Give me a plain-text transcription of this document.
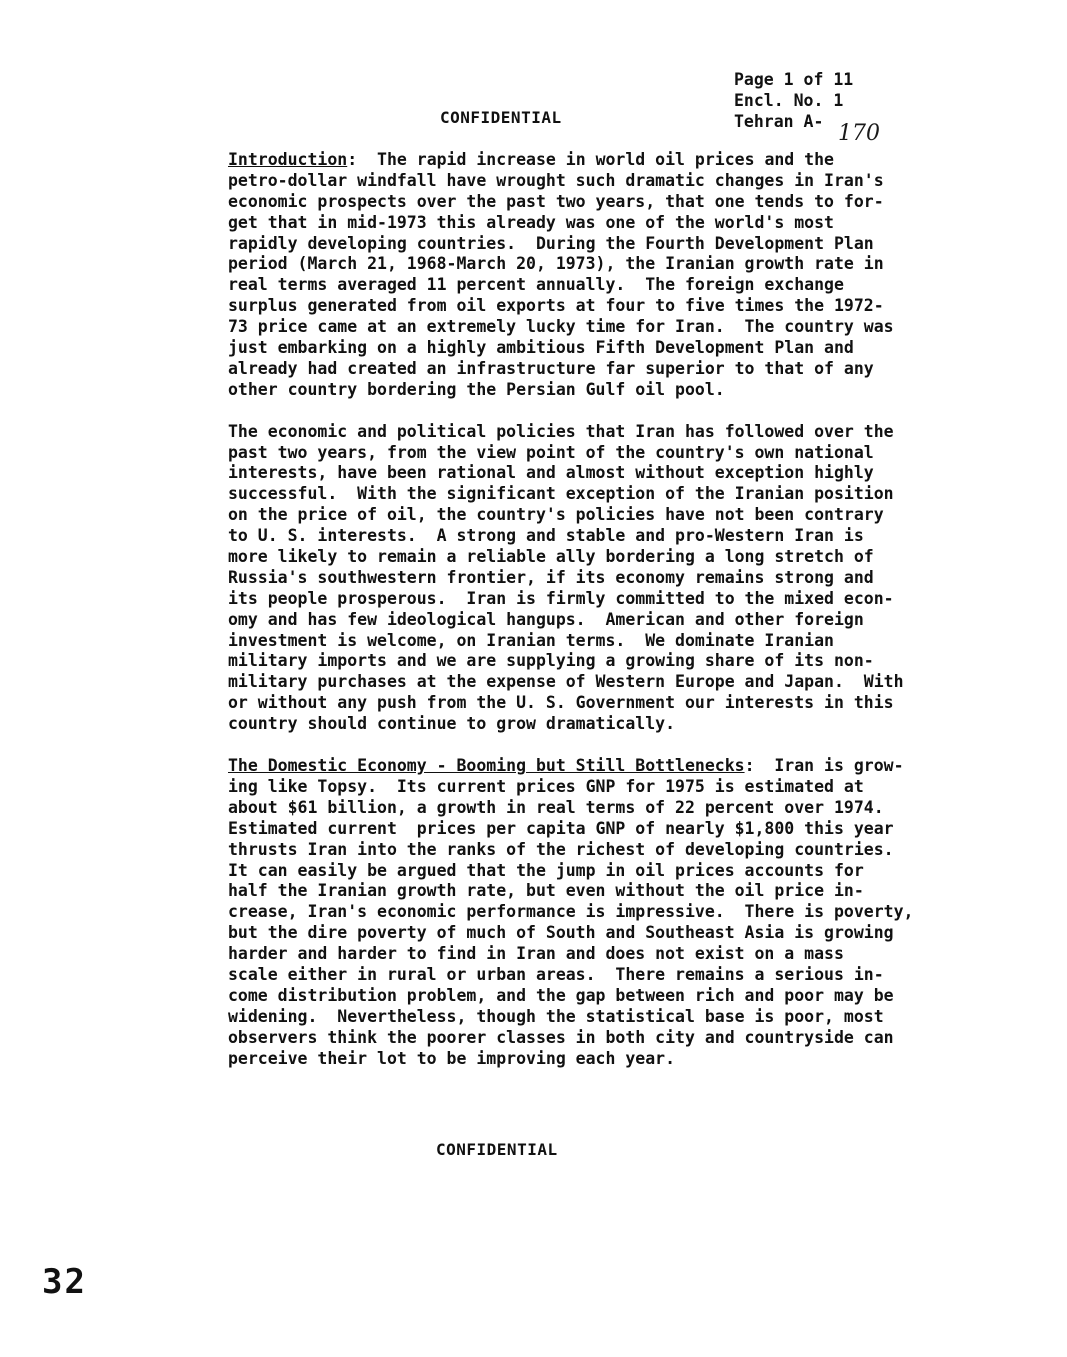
Page 1 of 11
Encl. No. 1
Tehran A- 170
CONFIDENTIAL
Introduction:  The rapid increase in world oil prices and the
petro-dollar windfall have wrought such dramatic changes in Iran's
economic prospects over the past two years, that one tends to for-
get that in mid-1973 this already was one of the world's most
rapidly developing countries.  During the Fourth Development Plan
period (March 21, 1968-March 20, 1973), the Iranian growth rate in
real terms averaged 11 percent annually.  The foreign exchange
surplus generated from oil exports at four to five times the 1972-
73 price came at an extremely lucky time for Iran.  The country was
just embarking on a highly ambitious Fifth Development Plan and
already had created an infrastructure far superior to that of any
other country bordering the Persian Gulf oil pool.
The economic and political policies that Iran has followed over the
past two years, from the view point of the country's own national
interests, have been rational and almost without exception highly
successful.  With the significant exception of the Iranian position
on the price of oil, the country's policies have not been contrary
to U. S. interests.  A strong and stable and pro-Western Iran is
more likely to remain a reliable ally bordering a long stretch of
Russia's southwestern frontier, if its economy remains strong and
its people prosperous.  Iran is firmly committed to the mixed econ-
omy and has few ideological hangups.  American and other foreign
investment is welcome, on Iranian terms.  We dominate Iranian
military imports and we are supplying a growing share of its non-
military purchases at the expense of Western Europe and Japan.  With
or without any push from the U. S. Government our interests in this
country should continue to grow dramatically.
The Domestic Economy - Booming but Still Bottlenecks:  Iran is grow-
ing like Topsy.  Its current prices GNP for 1975 is estimated at
about $61 billion, a growth in real terms of 22 percent over 1974.
Estimated current  prices per capita GNP of nearly $1,800 this year
thrusts Iran into the ranks of the richest of developing countries.
It can easily be argued that the jump in oil prices accounts for
half the Iranian growth rate, but even without the oil price in-
crease, Iran's economic performance is impressive.  There is poverty,
but the dire poverty of much of South and Southeast Asia is growing
harder and harder to find in Iran and does not exist on a mass
scale either in rural or urban areas.  There remains a serious in-
come distribution problem, and the gap between rich and poor may be
widening.  Nevertheless, though the statistical base is poor, most
observers think the poorer classes in both city and countryside can
perceive their lot to be improving each year.
CONFIDENTIAL
32
